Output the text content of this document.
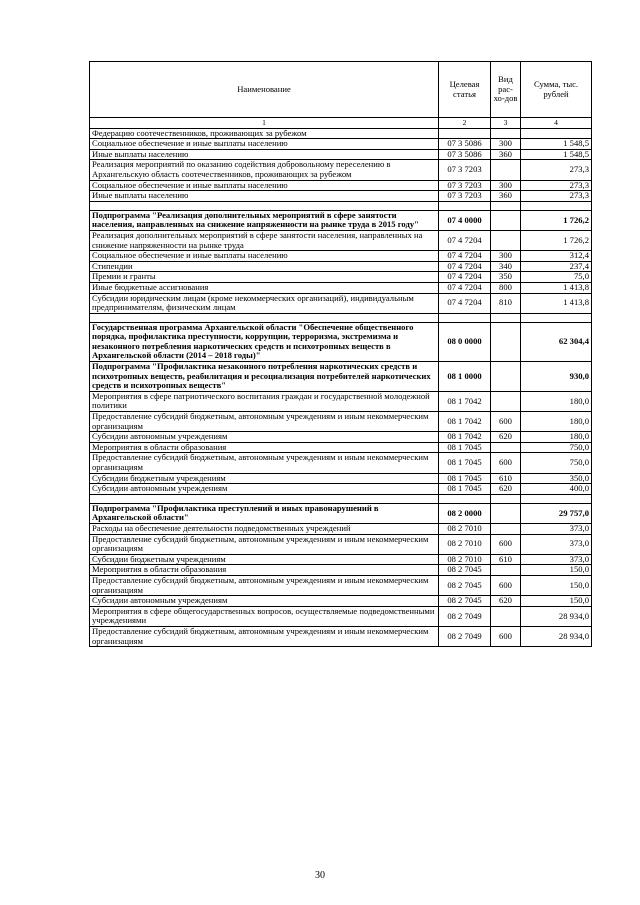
Наименование	Целевая статья	Вид рас-хо-дов	Сумма, тыс. рублей
1	2	3	4
Федерацию соотечественников, проживающих за рубежом			
Социальное обеспечение и иные выплаты населению	07 3 5086	300	1 548,5
Иные выплаты населению	07 3 5086	360	1 548,5
Реализация мероприятий по оказанию содействия добровольному переселению в Архангельскую область соотечественников, проживающих за рубежом	07 3 7203		273,3
Социальное обеспечение и иные выплаты населению	07 3 7203	300	273,3
Иные выплаты населению	07 3 7203	360	273,3

Подпрограмма "Реализация дополнительных мероприятий в сфере занятости населения, направленных на снижение напряженности на рынке труда в 2015 году"	07 4 0000		1 726,2
Реализация дополнительных мероприятий в сфере занятости населения, направленных на снижение напряженности на рынке труда	07 4 7204		1 726,2
Социальное обеспечение и иные выплаты населению	07 4 7204	300	312,4
Стипендии	07 4 7204	340	237,4
Премии и гранты	07 4 7204	350	75,0
Иные бюджетные ассигнования	07 4 7204	800	1 413,8
Субсидии юридическим лицам (кроме некоммерческих организаций), индивидуальным предпринимателям, физическим лицам	07 4 7204	810	1 413,8

Государственная программа Архангельской области "Обеспечение общественного порядка, профилактика преступности, коррупции, терроризма, экстремизма и незаконного потребления наркотических средств и психотропных веществ в Архангельской области (2014 – 2018 годы)"	08 0 0000		62 304,4
Подпрограмма "Профилактика незаконного потребления наркотических средств и психотропных веществ, реабилитация и ресоциализация потребителей наркотических средств и психотропных веществ"	08 1 0000		930,0
Мероприятия в сфере патриотического воспитания граждан и государственной молодежной политики	08 1 7042		180,0
Предоставление субсидий бюджетным, автономным учреждениям и иным некоммерческим организациям	08 1 7042	600	180,0
Субсидии автономным учреждениям	08 1 7042	620	180,0
Мероприятия в области образования	08 1 7045		750,0
Предоставление субсидий бюджетным, автономным учреждениям и иным некоммерческим организациям	08 1 7045	600	750,0
Субсидии бюджетным учреждениям	08 1 7045	610	350,0
Субсидии автономным учреждениям	08 1 7045	620	400,0

Подпрограмма "Профилактика преступлений и иных правонарушений в Архангельской области"	08 2 0000		29 757,0
Расходы на обеспечение деятельности подведомственных учреждений	08 2 7010		373,0
Предоставление субсидий бюджетным, автономным учреждениям и иным некоммерческим организациям	08 2 7010	600	373,0
Субсидии бюджетным учреждениям	08 2 7010	610	373,0
Мероприятия в области образования	08 2 7045		150,0
Предоставление субсидий бюджетным, автономным учреждениям и иным некоммерческим организациям	08 2 7045	600	150,0
Субсидии автономным учреждениям	08 2 7045	620	150,0
Мероприятия в сфере общегосударственных вопросов, осуществляемые подведомственными учреждениями	08 2 7049		28 934,0
Предоставление субсидий бюджетным, автономным учреждениям и иным некоммерческим организациям	08 2 7049	600	28 934,0
30
